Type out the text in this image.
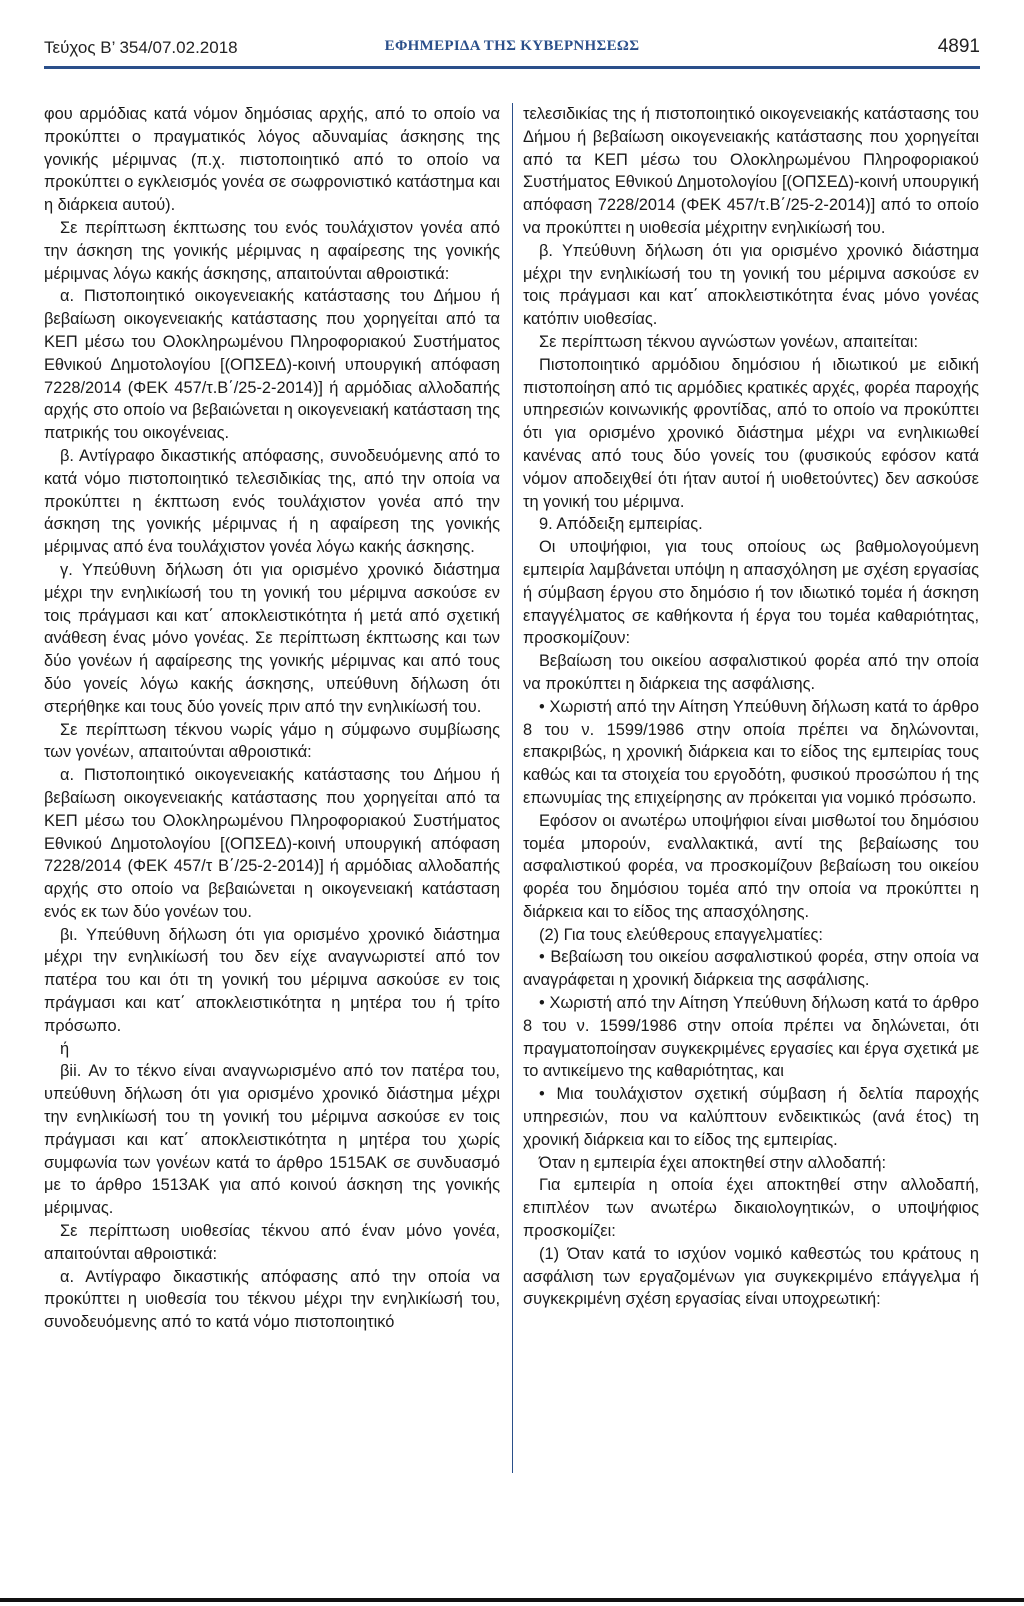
Τεύχος Β’ 354/07.02.2018	ΕΦΗΜΕΡΙΔΑ ΤΗΣ ΚΥΒΕΡΝΗΣΕΩΣ	4891

φου αρμόδιας κατά νόμον δημόσιας αρχής, από το οποίο να προκύπτει ο πραγματικός λόγος αδυναμίας άσκησης της γονικής μέριμνας (π.χ. πιστοποιητικό από το οποίο να προκύπτει ο εγκλεισμός γονέα σε σωφρονιστικό κατάστημα και η διάρκεια αυτού).

Σε περίπτωση έκπτωσης του ενός τουλάχιστον γονέα από την άσκηση της γονικής μέριμνας η αφαίρεσης της γονικής μέριμνας λόγω κακής άσκησης, απαιτούνται αθροιστικά:

α. Πιστοποιητικό οικογενειακής κατάστασης του Δήμου ή βεβαίωση οικογενειακής κατάστασης που χορηγείται από τα ΚΕΠ μέσω του Ολοκληρωμένου Πληροφοριακού Συστήματος Εθνικού Δημοτολογίου [(ΟΠΣΕΔ)-κοινή υπουργική απόφαση 7228/2014 (ΦΕΚ 457/τ.Β΄/25-2-2014)] ή αρμόδιας αλλοδαπής αρχής στο οποίο να βεβαιώνεται η οικογενειακή κατάσταση της πατρικής του οικογένειας.

β. Αντίγραφο δικαστικής απόφασης, συνοδευόμενης από το κατά νόμο πιστοποιητικό τελεσιδικίας της, από την οποία να προκύπτει η έκπτωση ενός τουλάχιστον γονέα από την άσκηση της γονικής μέριμνας ή η αφαίρεση της γονικής μέριμνας από ένα τουλάχιστον γονέα λόγω κακής άσκησης.

γ. Υπεύθυνη δήλωση ότι για ορισμένο χρονικό διάστημα μέχρι την ενηλικίωσή του τη γονική του μέριμνα ασκούσε εν τοις πράγμασι και κατ΄ αποκλειστικότητα ή μετά από σχετική ανάθεση ένας μόνο γονέας. Σε περίπτωση έκπτωσης και των δύο γονέων ή αφαίρεσης της γονικής μέριμνας και από τους δύο γονείς λόγω κακής άσκησης, υπεύθυνη δήλωση ότι στερήθηκε και τους δύο γονείς πριν από την ενηλικίωσή του.

Σε περίπτωση τέκνου νωρίς γάμο η σύμφωνο συμβίωσης των γονέων, απαιτούνται αθροιστικά:

α. Πιστοποιητικό οικογενειακής κατάστασης του Δήμου ή βεβαίωση οικογενειακής κατάστασης που χορηγείται από τα ΚΕΠ μέσω του Ολοκληρωμένου Πληροφοριακού Συστήματος Εθνικού Δημοτολογίου [(ΟΠΣΕΔ)-κοινή υπουργική απόφαση 7228/2014 (ΦΕΚ 457/τ Β΄/25-2-2014)] ή αρμόδιας αλλοδαπής αρχής στο οποίο να βεβαιώνεται η οικογενειακή κατάσταση ενός εκ των δύο γονέων του.

βι. Υπεύθυνη δήλωση ότι για ορισμένο χρονικό διάστημα μέχρι την ενηλικίωσή του δεν είχε αναγνωριστεί από τον πατέρα του και ότι τη γονική του μέριμνα ασκούσε εν τοις πράγμασι και κατ΄ αποκλειστικότητα η μητέρα του ή τρίτο πρόσωπο.

ή

βii. Αν το τέκνο είναι αναγνωρισμένο από τον πατέρα του, υπεύθυνη δήλωση ότι για ορισμένο χρονικό διάστημα μέχρι την ενηλικίωσή του τη γονική του μέριμνα ασκούσε εν τοις πράγμασι και κατ΄ αποκλειστικότητα η μητέρα του χωρίς συμφωνία των γονέων κατά το άρθρο 1515ΑΚ σε συνδυασμό με το άρθρο 1513ΑΚ για από κοινού άσκηση της γονικής μέριμνας.

Σε περίπτωση υιοθεσίας τέκνου από έναν μόνο γονέα, απαιτούνται αθροιστικά:

α. Αντίγραφο δικαστικής απόφασης από την οποία να προκύπτει η υιοθεσία του τέκνου μέχρι την ενηλικίωσή του, συνοδευόμενης από το κατά νόμο πιστοποιητικό

τελεσιδικίας της ή πιστοποιητικό οικογενειακής κατάστασης του Δήμου ή βεβαίωση οικογενειακής κατάστασης που χορηγείται από τα ΚΕΠ μέσω του Ολοκληρωμένου Πληροφοριακού Συστήματος Εθνικού Δημοτολογίου [(ΟΠΣΕΔ)-κοινή υπουργική απόφαση 7228/2014 (ΦΕΚ 457/τ.Β΄/25-2-2014)] από το οποίο να προκύπτει η υιοθεσία μέχριτην ενηλικίωσή του.

β. Υπεύθυνη δήλωση ότι για ορισμένο χρονικό διάστημα μέχρι την ενηλικίωσή του τη γονική του μέριμνα ασκούσε εν τοις πράγμασι και κατ΄ αποκλειστικότητα ένας μόνο γονέας κατόπιν υιοθεσίας.

Σε περίπτωση τέκνου αγνώστων γονέων, απαιτείται:

Πιστοποιητικό αρμόδιου δημόσιου ή ιδιωτικού με ειδική πιστοποίηση από τις αρμόδιες κρατικές αρχές, φορέα παροχής υπηρεσιών κοινωνικής φροντίδας, από το οποίο να προκύπτει ότι για ορισμένο χρονικό διάστημα μέχρι να ενηλικιωθεί κανένας από τους δύο γονείς του (φυσικούς εφόσον κατά νόμον αποδειχθεί ότι ήταν αυτοί ή υιοθετούντες) δεν ασκούσε τη γονική του μέριμνα.

9. Απόδειξη εμπειρίας.

Οι υποψήφιοι, για τους οποίους ως βαθμολογούμενη εμπειρία λαμβάνεται υπόψη η απασχόληση με σχέση εργασίας ή σύμβαση έργου στο δημόσιο ή τον ιδιωτικό τομέα ή άσκηση επαγγέλματος σε καθήκοντα ή έργα του τομέα καθαριότητας, προσκομίζουν:

Βεβαίωση του οικείου ασφαλιστικού φορέα από την οποία να προκύπτει η διάρκεια της ασφάλισης.

• Χωριστή από την Αίτηση Υπεύθυνη δήλωση κατά το άρθρο 8 του ν. 1599/1986 στην οποία πρέπει να δηλώνονται, επακριβώς, η χρονική διάρκεια και το είδος της εμπειρίας τους καθώς και τα στοιχεία του εργοδότη, φυσικού προσώπου ή της επωνυμίας της επιχείρησης αν πρόκειται για νομικό πρόσωπο.

Εφόσον οι ανωτέρω υποψήφιοι είναι μισθωτοί του δημόσιου τομέα μπορούν, εναλλακτικά, αντί της βεβαίωσης του ασφαλιστικού φορέα, να προσκομίζουν βεβαίωση του οικείου φορέα του δημόσιου τομέα από την οποία να προκύπτει η διάρκεια και το είδος της απασχόλησης.

(2) Για τους ελεύθερους επαγγελματίες:

• Βεβαίωση του οικείου ασφαλιστικού φορέα, στην οποία να αναγράφεται η χρονική διάρκεια της ασφάλισης.

• Χωριστή από την Αίτηση Υπεύθυνη δήλωση κατά το άρθρο 8 του ν. 1599/1986 στην οποία πρέπει να δηλώνεται, ότι πραγματοποίησαν συγκεκριμένες εργασίες και έργα σχετικά με το αντικείμενο της καθαριότητας, και

• Μια τουλάχιστον σχετική σύμβαση ή δελτία παροχής υπηρεσιών, που να καλύπτουν ενδεικτικώς (ανά έτος) τη χρονική διάρκεια και το είδος της εμπειρίας.

Όταν η εμπειρία έχει αποκτηθεί στην αλλοδαπή:

Για εμπειρία η οποία έχει αποκτηθεί στην αλλοδαπή, επιπλέον των ανωτέρω δικαιολογητικών, ο υποψήφιος προσκομίζει:

(1) Όταν κατά το ισχύον νομικό καθεστώς του κράτους η ασφάλιση των εργαζομένων για συγκεκριμένο επάγγελμα ή συγκεκριμένη σχέση εργασίας είναι υποχρεωτική:
